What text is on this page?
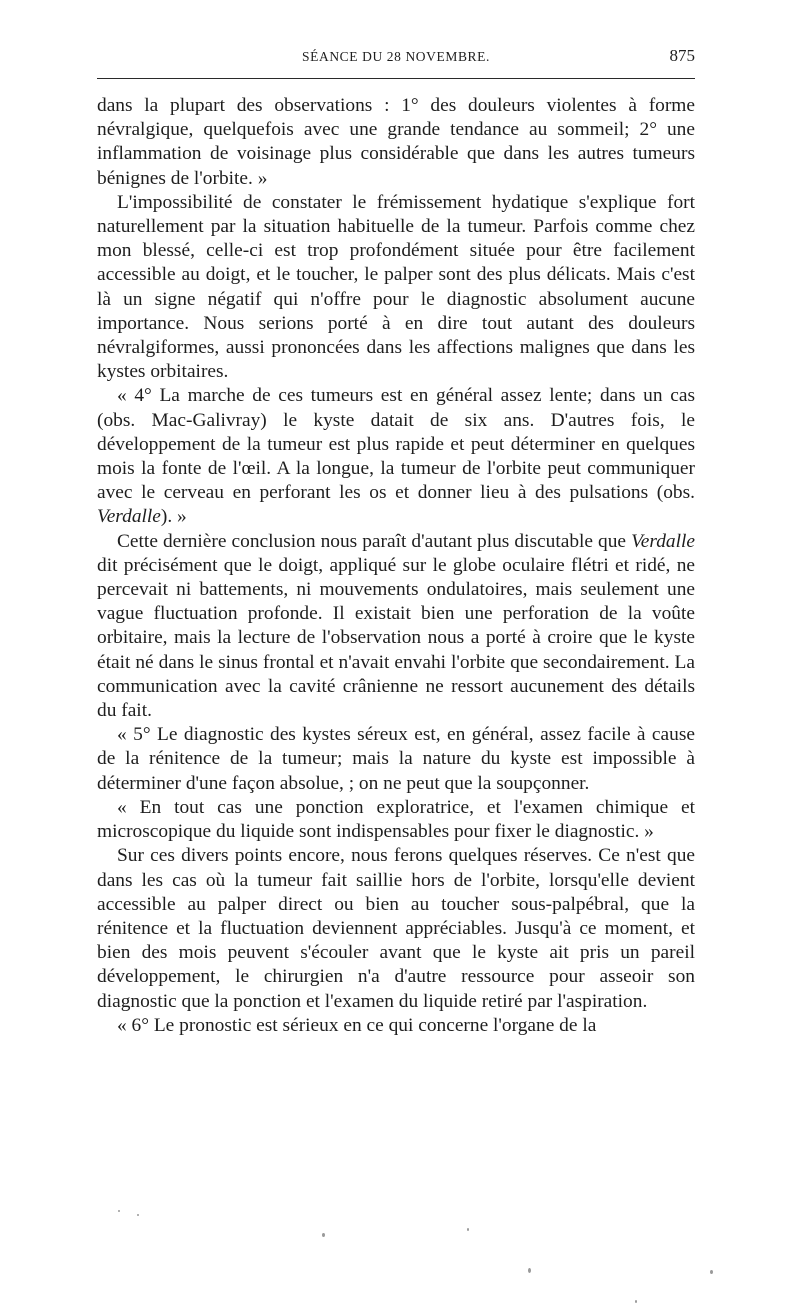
SÉANCE DU 28 NOVEMBRE.	875

dans la plupart des observations : 1° des douleurs violentes à forme névralgique, quelquefois avec une grande tendance au sommeil; 2° une inflammation de voisinage plus considérable que dans les autres tumeurs bénignes de l'orbite. »

L'impossibilité de constater le frémissement hydatique s'explique fort naturellement par la situation habituelle de la tumeur. Parfois comme chez mon blessé, celle-ci est trop profondément située pour être facilement accessible au doigt, et le toucher, le palper sont des plus délicats. Mais c'est là un signe négatif qui n'offre pour le diagnostic absolument aucune importance. Nous serions porté à en dire tout autant des douleurs névralgiformes, aussi prononcées dans les affections malignes que dans les kystes orbitaires.

« 4° La marche de ces tumeurs est en général assez lente; dans un cas (obs. Mac-Galivray) le kyste datait de six ans. D'autres fois, le développement de la tumeur est plus rapide et peut déterminer en quelques mois la fonte de l'œil. A la longue, la tumeur de l'orbite peut communiquer avec le cerveau en perforant les os et donner lieu à des pulsations (obs. Verdalle). »

Cette dernière conclusion nous paraît d'autant plus discutable que Verdalle dit précisément que le doigt, appliqué sur le globe oculaire flétri et ridé, ne percevait ni battements, ni mouvements ondulatoires, mais seulement une vague fluctuation profonde. Il existait bien une perforation de la voûte orbitaire, mais la lecture de l'observation nous a porté à croire que le kyste était né dans le sinus frontal et n'avait envahi l'orbite que secondairement. La communication avec la cavité crânienne ne ressort aucunement des détails du fait.

« 5° Le diagnostic des kystes séreux est, en général, assez facile à cause de la rénitence de la tumeur; mais la nature du kyste est impossible à déterminer d'une façon absolue, ; on ne peut que la soupçonner.

« En tout cas une ponction exploratrice, et l'examen chimique et microscopique du liquide sont indispensables pour fixer le diagnostic. »

Sur ces divers points encore, nous ferons quelques réserves. Ce n'est que dans les cas où la tumeur fait saillie hors de l'orbite, lorsqu'elle devient accessible au palper direct ou bien au toucher sous-palpébral, que la rénitence et la fluctuation deviennent appréciables. Jusqu'à ce moment, et bien des mois peuvent s'écouler avant que le kyste ait pris un pareil développement, le chirurgien n'a d'autre ressource pour asseoir son diagnostic que la ponction et l'examen du liquide retiré par l'aspiration.

« 6° Le pronostic est sérieux en ce qui concerne l'organe de la
